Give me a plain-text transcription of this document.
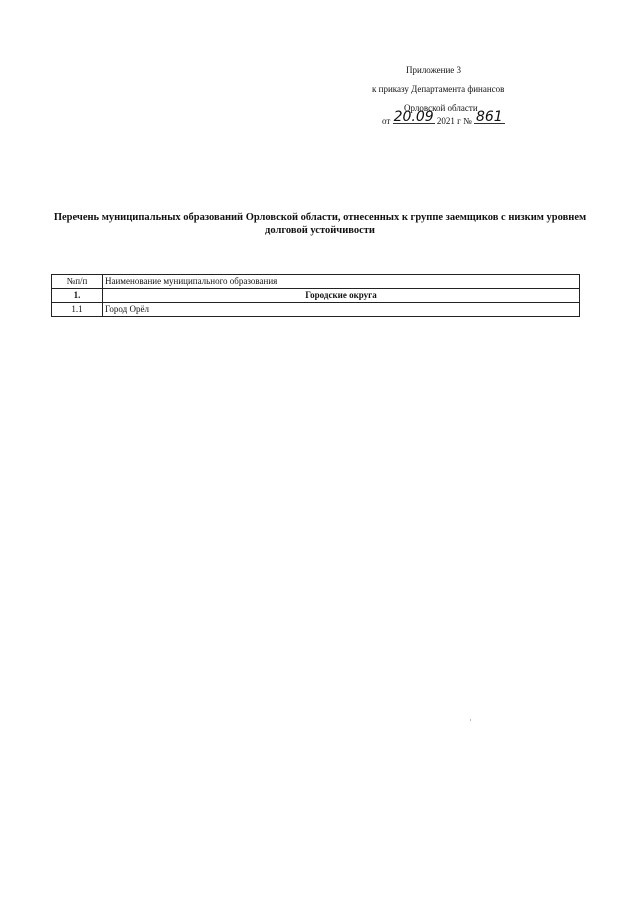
Приложение 3
к приказу Департамента финансов
Орловской области
от 20.09 2021 г № 861
Перечень муниципальных образований Орловской области, отнесенных к группе заемщиков с низким уровнем долговой устойчивости
№п/п	Наименование муниципального образования
1.	Городские округа
1.1	Город Орёл
